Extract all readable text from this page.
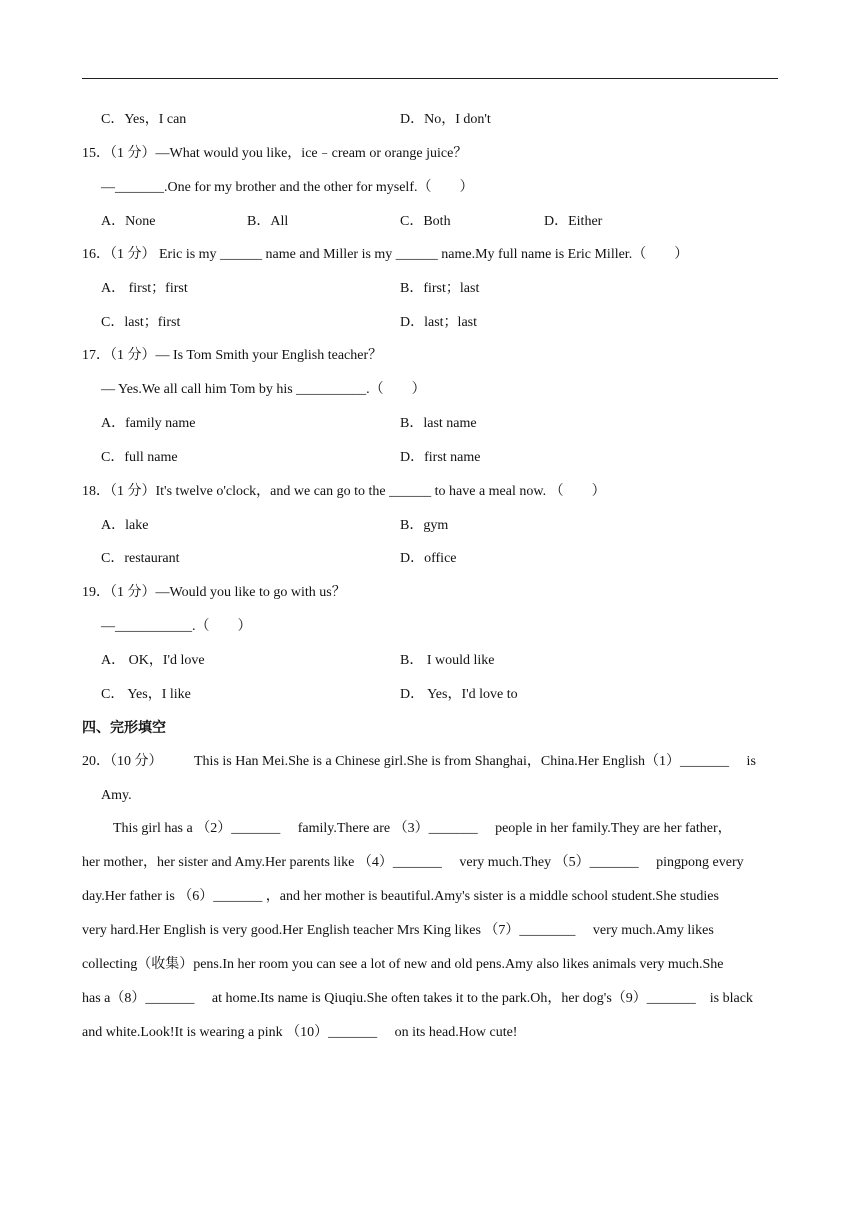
C．Yes，I can	D．No，I don't
15．（1 分）—What would you like，ice﹣cream or orange juice？
—_______.One for my brother and the other for myself.（　　）
A．None	B．All	C．Both	D．Either
16．（1 分） Eric is my ______ name and Miller is my ______ name.My full name is Eric Miller.（　　）
A． first；first	B．first；last
C．last；first	D．last；last
17．（1 分）— Is Tom Smith your English teacher？
— Yes.We all call him Tom by his __________.（　　）
A．family name	B．last name
C．full name	D．first name
18．（1 分）It's twelve o'clock，and we can go to the ______ to have a meal now. （　　）
A．lake	B．gym
C．restaurant	D．office
19．（1 分）—Would you like to go with us？
—___________.（　　）
A． OK，I'd love	B． I would like
C． Yes，I like	D． Yes，I'd love to
四、完形填空
20．（10 分） This is Han Mei.She is a Chinese girl.She is from Shanghai，China.Her English（1）_______　 is
Amy.
This girl has a （2）_______　 family.There are （3）_______　 people in her family.They are her father，
her mother，her sister and Amy.Her parents like （4）_______　 very much.They （5）_______　 pingpong every
day.Her father is （6）_______ ，and her mother is beautiful.Amy's sister is a middle school student.She studies
very hard.Her English is very good.Her English teacher Mrs King likes （7）________　 very much.Amy likes
collecting（收集）pens.In her room you can see a lot of new and old pens.Amy also likes animals very much.She
has a（8）_______　 at home.Its name is Qiuqiu.She often takes it to the park.Oh，her dog's（9）_______　is black
and white.Look!It is wearing a pink （10）_______　 on its head.How cute!
